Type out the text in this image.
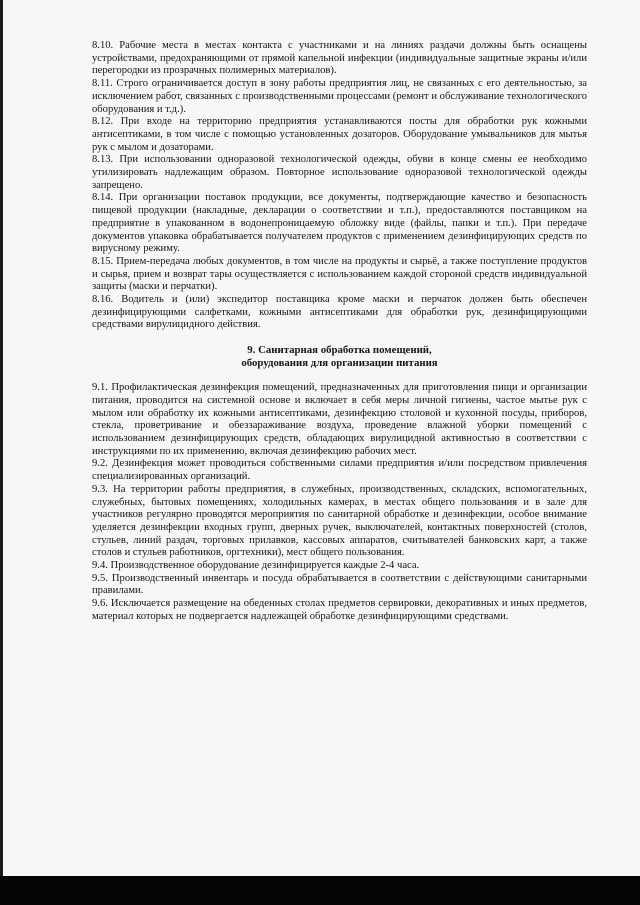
8.10. Рабочие места в местах контакта с участниками и на линиях раздачи должны быть оснащены устройствами, предохраняющими от прямой капельной инфекции (индивидуальные защитные экраны и/или перегородки из прозрачных полимерных материалов).

8.11. Строго ограничивается доступ в зону работы предприятия лиц, не связанных с его деятельностью, за исключением работ, связанных с производственными процессами (ремонт и обслуживание технологического оборудования и т.д.).

8.12. При входе на территорию предприятия устанавливаются посты для обработки рук кожными антисептиками, в том числе с помощью установленных дозаторов. Оборудование умывальников для мытья рук с мылом и дозаторами.

8.13. При использовании одноразовой технологической одежды, обуви в конце смены ее необходимо утилизировать надлежащим образом. Повторное использование одноразовой технологической одежды запрещено.

8.14. При организации поставок продукции, все документы, подтверждающие качество и безопасность пищевой продукции (накладные, декларации о соответствии и т.п.), предоставляются поставщиком на предприятие в упакованном в водонепроницаемую обложку виде (файлы, папки и т.п.). При передаче документов упаковка обрабатывается получателем продуктов с применением дезинфицирующих средств по вирусному режиму.

8.15. Прием-передача любых документов, в том числе на продукты и сырьё, а также поступление продуктов и сырья, прием и возврат тары осуществляется с использованием каждой стороной средств индивидуальной защиты (маски и перчатки).

8.16. Водитель и (или) экспедитор поставщика кроме маски и перчаток должен быть обеспечен дезинфицирующими салфетками, кожными антисептиками для обработки рук, дезинфицирующими средствами вирулицидного действия.

9. Санитарная обработка помещений,
оборудования для организации питания

9.1. Профилактическая дезинфекция помещений, предназначенных для приготовления пищи и организации питания, проводится на системной основе и включает в себя меры личной гигиены, частое мытье рук с мылом или обработку их кожными антисептиками, дезинфекцию столовой и кухонной посуды, приборов, стекла, проветривание и обеззараживание воздуха, проведение влажной уборки помещений с использованием дезинфицирующих средств, обладающих вирулицидной активностью в соответствии с инструкциями по их применению, включая дезинфекцию рабочих мест.

9.2. Дезинфекция может проводиться собственными силами предприятия и/или посредством привлечения специализированных организаций.

9.3. На территории работы предприятия, в служебных, производственных, складских, вспомогательных, служебных, бытовых помещениях, холодильных камерах, в местах общего пользования и в зале для участников регулярно проводятся мероприятия по санитарной обработке и дезинфекции, особое внимание уделяется дезинфекции входных групп, дверных ручек, выключателей, контактных поверхностей (столов, стульев, линий раздач, торговых прилавков, кассовых аппаратов, считывателей банковских карт, а также столов и стульев работников, оргтехники), мест общего пользования.

9.4. Производственное оборудование дезинфицируется каждые 2-4 часа.

9.5. Производственный инвентарь и посуда обрабатывается в соответствии с действующими санитарными правилами.

9.6. Исключается размещение на обеденных столах предметов сервировки, декоративных и иных предметов, материал которых не подвергается надлежащей обработке дезинфицирующими средствами.
